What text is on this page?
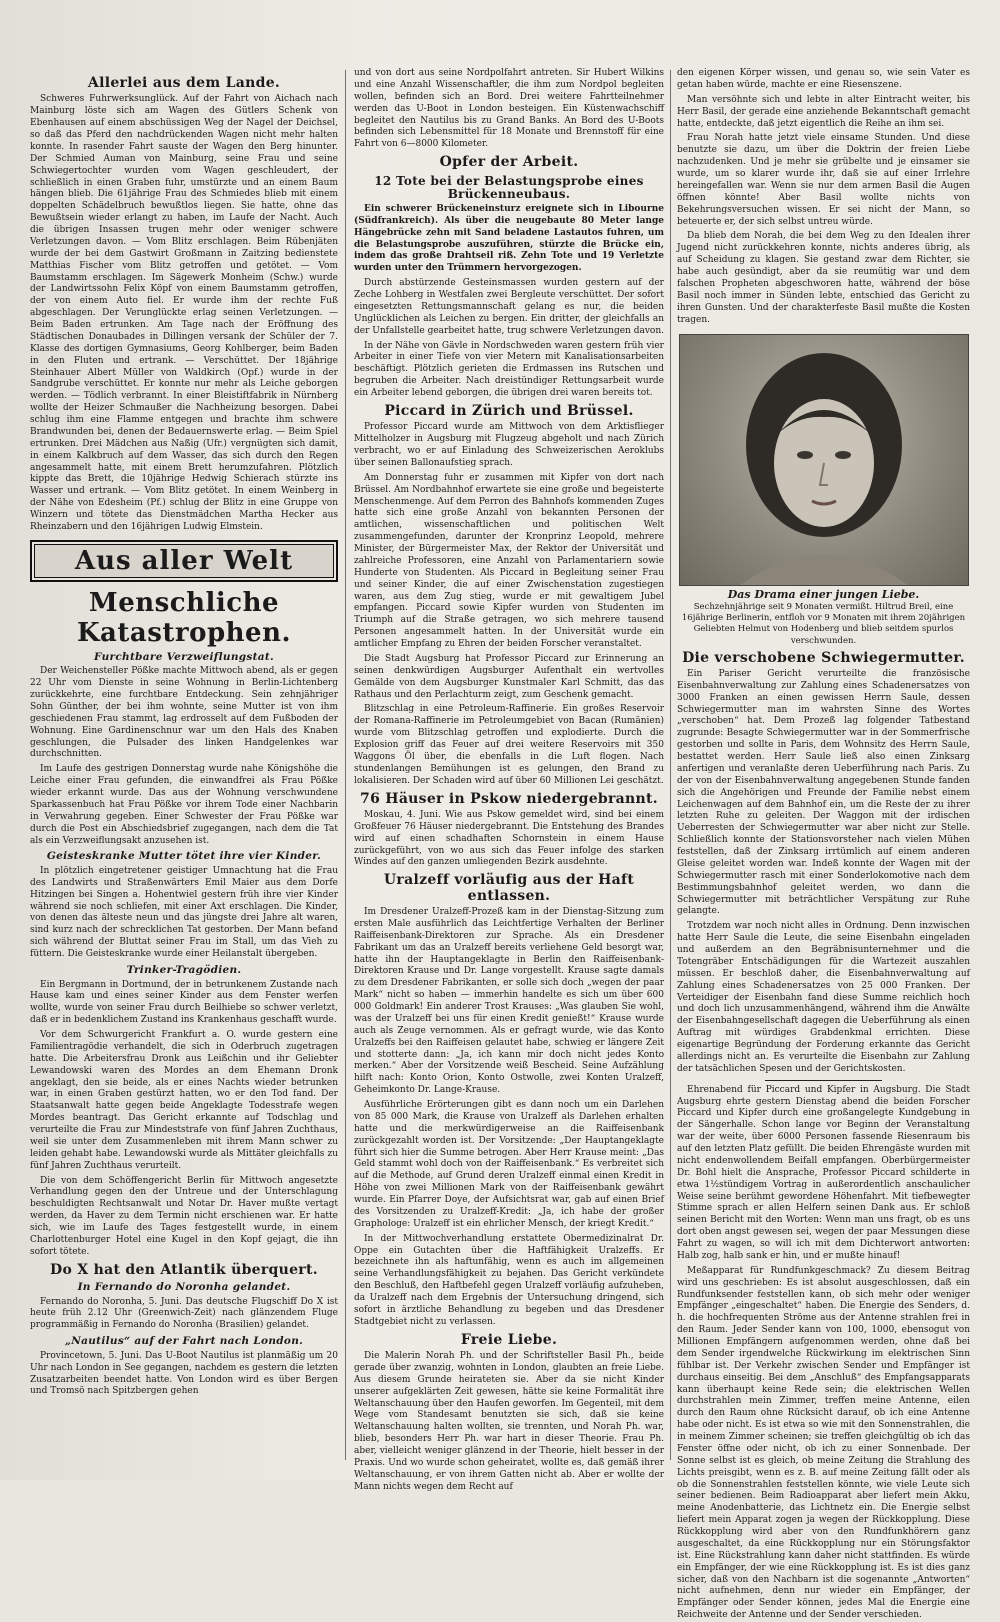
Allerlei aus dem Lande.

Schweres Fuhrwerksunglück. Auf der Fahrt von Aichach nach Mainburg löste sich am Wagen des Gütlers Schenk von Ebenhausen auf einem abschüssigen Weg der Nagel der Deichsel, so daß das Pferd den nachdrückenden Wagen nicht mehr halten konnte. In rasender Fahrt sauste der Wagen den Berg hinunter. Der Schmied Auman von Mainburg, seine Frau und seine Schwiegertochter wurden vom Wagen geschleudert, der schließlich in einen Graben fuhr, umstürzte und an einem Baum hängen blieb. Die 61jährige Frau des Schmiedes blieb mit einem doppelten Schädelbruch bewußtlos liegen. Sie hatte, ohne das Bewußtsein wieder erlangt zu haben, im Laufe der Nacht. Auch die übrigen Insassen trugen mehr oder weniger schwere Verletzungen davon. — Vom Blitz erschlagen. Beim Rübenjäten wurde der bei dem Gastwirt Großmann in Zaitzing bedienstete Matthias Fischer vom Blitz getroffen und getötet. — Vom Baumstamm erschlagen. Im Sägewerk Monheim (Schw.) wurde der Landwirtssohn Felix Köpf von einem Baumstamm getroffen, der von einem Auto fiel. Er wurde ihm der rechte Fuß abgeschlagen. Der Verunglückte erlag seinen Verletzungen. — Beim Baden ertrunken. Am Tage nach der Eröffnung des Städtischen Donaubades in Dillingen versank der Schüler der 7. Klasse des dortigen Gymnasiums, Georg Kohlberger, beim Baden in den Fluten und ertrank. — Verschüttet. Der 18jährige Steinhauer Albert Müller von Waldkirch (Opf.) wurde in der Sandgrube verschüttet. Er konnte nur mehr als Leiche geborgen werden. — Tödlich verbrannt. In einer Bleistiftfabrik in Nürnberg wollte der Heizer Schmaußer die Nachheizung besorgen. Dabei schlug ihm eine Flamme entgegen und brachte ihm schwere Brandwunden bei, denen der Bedauernswerte erlag. — Beim Spiel ertrunken. Drei Mädchen aus Naßig (Ufr.) vergnügten sich damit, in einem Kalkbruch auf dem Wasser, das sich durch den Regen angesammelt hatte, mit einem Brett herumzufahren. Plötzlich kippte das Brett, die 10jährige Hedwig Schierach stürzte ins Wasser und ertrank. — Vom Blitz getötet. In einem Weinberg in der Nähe von Edesheim (Pf.) schlug der Blitz in eine Gruppe von Winzern und tötete das Dienstmädchen Martha Hecker aus Rheinzabern und den 16jährigen Ludwig Elmstein.

Aus aller Welt
Menschliche Katastrophen.
Furchtbare Verzweiflungstat.

Der Weichensteller Pößke machte Mittwoch abend, als er gegen 22 Uhr vom Dienste in seine Wohnung in Berlin-Lichtenberg zurückkehrte, eine furchtbare Entdeckung. Sein zehnjähriger Sohn Günther, der bei ihm wohnte, seine Mutter ist von ihm geschiedenen Frau stammt, lag erdrosselt auf dem Fußboden der Wohnung. Eine Gardinenschnur war um den Hals des Knaben geschlungen, die Pulsader des linken Handgelenkes war durchschnitten.

Im Laufe des gestrigen Donnerstag wurde nahe Königshöhe die Leiche einer Frau gefunden, die einwandfrei als Frau Pößke wieder erkannt wurde. Das aus der Wohnung verschwundene Sparkassenbuch hat Frau Pößke vor ihrem Tode einer Nachbarin in Verwahrung gegeben. Einer Schwester der Frau Pößke war durch die Post ein Abschiedsbrief zugegangen, nach dem die Tat als ein Verzweiflungsakt anzusehen ist.

Geisteskranke Mutter tötet ihre vier Kinder.

In plötzlich eingetretener geistiger Umnachtung hat die Frau des Landwirts und Straßenwärters Emil Maier aus dem Dorfe Hitzingen bei Singen a. Hohentwiel gestern früh ihre vier Kinder während sie noch schliefen, mit einer Axt erschlagen. Die Kinder, von denen das älteste neun und das jüngste drei Jahre alt waren, sind kurz nach der schrecklichen Tat gestorben. Der Mann befand sich während der Bluttat seiner Frau im Stall, um das Vieh zu füttern. Die Geisteskranke wurde einer Heilanstalt übergeben.

Trinker-Tragödien.

Ein Bergmann in Dortmund, der in betrunkenem Zustande nach Hause kam und eines seiner Kinder aus dem Fenster werfen wollte, wurde von seiner Frau durch Beilhiebe so schwer verletzt, daß er in bedenklichem Zustand ins Krankenhaus geschafft wurde.

Vor dem Schwurgericht Frankfurt a. O. wurde gestern eine Familientragödie verhandelt, die sich in Oderbruch zugetragen hatte. Die Arbeitersfrau Dronk aus Leißchin und ihr Geliebter Lewandowski waren des Mordes an dem Ehemann Dronk angeklagt, den sie beide, als er eines Nachts wieder betrunken war, in einen Graben gestürzt hatten, wo er den Tod fand. Der Staatsanwalt hatte gegen beide Angeklagte Todesstrafe wegen Mordes beantragt. Das Gericht erkannte auf Todschlag und verurteilte die Frau zur Mindeststrafe von fünf Jahren Zuchthaus, weil sie unter dem Zusammenleben mit ihrem Mann schwer zu leiden gehabt habe. Lewandowski wurde als Mittäter gleichfalls zu fünf Jahren Zuchthaus verurteilt.

Die von dem Schöffengericht Berlin für Mittwoch angesetzte Verhandlung gegen den der Untreue und der Unterschlagung beschuldigten Rechtsanwalt und Notar Dr. Haver mußte vertagt werden, da Haver zu dem Termin nicht erschienen war. Er hatte sich, wie im Laufe des Tages festgestellt wurde, in einem Charlottenburger Hotel eine Kugel in den Kopf gejagt, die ihn sofort tötete.

Do X hat den Atlantik überquert.
In Fernando do Noronha gelandet.

Fernando do Noronha, 5. Juni. Das deutsche Flugschiff Do X ist heute früh 2.12 Uhr (Greenwich-Zeit) nach glänzendem Fluge programmäßig in Fernando do Noronha (Brasilien) gelandet.

„Nautilus“ auf der Fahrt nach London.

Provincetown, 5. Juni. Das U-Boot Nautilus ist planmäßig um 20 Uhr nach London in See gegangen, nachdem es gestern die letzten Zusatzarbeiten beendet hatte. Von London wird es über Bergen und Tromsö nach Spitzbergen gehen

und von dort aus seine Nordpolfahrt antreten. Sir Hubert Wilkins und eine Anzahl Wissenschaftler, die ihm zum Nordpol begleiten wollen, befinden sich an Bord. Drei weitere Fahrtteilnehmer werden das U-Boot in London besteigen. Ein Küstenwachschiff begleitet den Nautilus bis zu Grand Banks. An Bord des U-Boots befinden sich Lebensmittel für 18 Monate und Brennstoff für eine Fahrt von 6—8000 Kilometer.

Opfer der Arbeit.
12 Tote bei der Belastungsprobe eines Brückenneubaus.

Ein schwerer Brückeneinsturz ereignete sich in Libourne (Südfrankreich). Als über die neugebaute 80 Meter lange Hängebrücke zehn mit Sand beladene Lastautos fuhren, um die Belastungsprobe auszuführen, stürzte die Brücke ein, indem das große Drahtseil riß. Zehn Tote und 19 Verletzte wurden unter den Trümmern hervorgezogen.

Durch abstürzende Gesteinsmassen wurden gestern auf der Zeche Lohberg in Westfalen zwei Bergleute verschüttet. Der sofort eingesetzten Rettungsmannschaft gelang es nur, die beiden Unglücklichen als Leichen zu bergen. Ein dritter, der gleichfalls an der Unfallstelle gearbeitet hatte, trug schwere Verletzungen davon.

In der Nähe von Gävle in Nordschweden waren gestern früh vier Arbeiter in einer Tiefe von vier Metern mit Kanalisationsarbeiten beschäftigt. Plötzlich gerieten die Erdmassen ins Rutschen und begruben die Arbeiter. Nach dreistündiger Rettungsarbeit wurde ein Arbeiter lebend geborgen, die übrigen drei waren bereits tot.

Piccard in Zürich und Brüssel.

Professor Piccard wurde am Mittwoch von dem Arktisflieger Mittelholzer in Augsburg mit Flugzeug abgeholt und nach Zürich verbracht, wo er auf Einladung des Schweizerischen Aeroklubs über seinen Ballonaufstieg sprach.

Am Donnerstag fuhr er zusammen mit Kipfer von dort nach Brüssel. Am Nordbahnhof erwartete sie eine große und begeisterte Menschenmenge. Auf dem Perron des Bahnhofs kommenden Zuges hatte sich eine große Anzahl von bekannten Personen der amtlichen, wissenschaftlichen und politischen Welt zusammengefunden, darunter der Kronprinz Leopold, mehrere Minister, der Bürgermeister Max, der Rektor der Universität und zahlreiche Professoren, eine Anzahl von Parlamentariern sowie Hunderte von Studenten. Als Piccard in Begleitung seiner Frau und seiner Kinder, die auf einer Zwischenstation zugestiegen waren, aus dem Zug stieg, wurde er mit gewaltigem Jubel empfangen. Piccard sowie Kipfer wurden von Studenten im Triumph auf die Straße getragen, wo sich mehrere tausend Personen angesammelt hatten. In der Universität wurde ein amtlicher Empfang zu Ehren der beiden Forscher veranstaltet.

Die Stadt Augsburg hat Professor Piccard zur Erinnerung an seinen denkwürdigen Augsburger Aufenthalt ein wertvolles Gemälde von dem Augsburger Kunstmaler Karl Schmitt, das das Rathaus und den Perlachturm zeigt, zum Geschenk gemacht.

Blitzschlag in eine Petroleum-Raffinerie. Ein großes Reservoir der Romana-Raffinerie im Petroleumgebiet von Bacan (Rumänien) wurde vom Blitzschlag getroffen und explodierte. Durch die Explosion griff das Feuer auf drei weitere Reservoirs mit 350 Waggons Öl über, die ebenfalls in die Luft flogen. Nach stundenlangen Bemühungen ist es gelungen, den Brand zu lokalisieren. Der Schaden wird auf über 60 Millionen Lei geschätzt.

76 Häuser in Pskow niedergebrannt.

Moskau, 4. Juni. Wie aus Pskow gemeldet wird, sind bei einem Großfeuer 76 Häuser niedergebrannt. Die Entstehung des Brandes wird auf einen schadhaften Schornstein in einem Hause zurückgeführt, von wo aus sich das Feuer infolge des starken Windes auf den ganzen umliegenden Bezirk ausdehnte.

Uralzeff vorläufig aus der Haft entlassen.

Im Dresdener Uralzeff-Prozeß kam in der Dienstag-Sitzung zum ersten Male ausführlich das Leichtfertige Verhalten der Berliner Raiffeisenbank-Direktoren zur Sprache. Als ein Dresdener Fabrikant um das an Uralzeff bereits verliehene Geld besorgt war, hatte ihn der Hauptangeklagte in Berlin den Raiffeisenbank-Direktoren Krause und Dr. Lange vorgestellt. Krause sagte damals zu dem Dresdener Fabrikanten, er solle sich doch „wegen der paar Mark“ nicht so haben — immerhin handelte es sich um über 600 000 Goldmark! Ein anderer Trost Krauses: „Was glauben Sie wohl, was der Uralzeff bei uns für einen Kredit genießt!“ Krause wurde auch als Zeuge vernommen. Als er gefragt wurde, wie das Konto Uralzeffs bei den Raiffeisen gelautet habe, schwieg er längere Zeit und stotterte dann: „Ja, ich kann mir doch nicht jedes Konto merken.“ Aber der Vorsitzende weiß Bescheid. Seine Aufzählung hilft nach: Konto Orion, Konto Ostwolle, zwei Konten Uralzeff, Geheimkonto Dr. Lange-Krause.

Ausführliche Erörterungen gibt es dann noch um ein Darlehen von 85 000 Mark, die Krause von Uralzeff als Darlehen erhalten hatte und die merkwürdigerweise an die Raiffeisenbank zurückgezahlt worden ist. Der Vorsitzende: „Der Hauptangeklagte führt sich hier die Summe betrogen. Aber Herr Krause meint: „Das Geld stammt wohl doch von der Raiffeisenbank.“ Es verbreitet sich auf die Methode, auf Grund deren Uralzeff einmal einen Kredit in Höhe von zwei Millionen Mark von der Raiffeisenbank gewährt wurde. Ein Pfarrer Doye, der Aufsichtsrat war, gab auf einen Brief des Vorsitzenden zu Uralzeff-Kredit: „Ja, ich habe der großer Graphologe: Uralzeff ist ein ehrlicher Mensch, der kriegt Kredit.“

In der Mittwochverhandlung erstattete Obermedizinalrat Dr. Oppe ein Gutachten über die Haftfähigkeit Uralzeffs. Er bezeichnete ihn als haftunfähig, wenn es auch im allgemeinen seine Verhandlungsfähigkeit zu bejahen. Das Gericht verkündete den Beschluß, den Haftbefehl gegen Uralzeff vorläufig aufzuheben, da Uralzeff nach dem Ergebnis der Untersuchung dringend, sich sofort in ärztliche Behandlung zu begeben und das Dresdener Stadtgebiet nicht zu verlassen.

Freie Liebe.

Die Malerin Norah Ph. und der Schriftsteller Basil Ph., beide gerade über zwanzig, wohnten in London, glaubten an freie Liebe. Aus diesem Grunde heirateten sie. Aber da sie nicht Kinder unserer aufgeklärten Zeit gewesen, hätte sie keine Formalität ihre Weltanschauung über den Haufen geworfen. Im Gegenteil, mit dem Wege vom Standesamt benutzten sie sich, daß sie keine Weltanschauung halten wollten, sie trennten, und Norah Ph. war, blieb, besonders Herr Ph. war hart in dieser Theorie. Frau Ph. aber, vielleicht weniger glänzend in der Theorie, hielt besser in der Praxis. Und wo wurde schon geheiratet, wollte es, daß gemäß ihrer Weltanschauung, er von ihrem Gatten nicht ab. Aber er wollte der Mann nichts wegen dem Recht auf

den eigenen Körper wissen, und genau so, wie sein Vater es getan haben würde, machte er eine Riesenszene.

Man versöhnte sich und lebte in alter Eintracht weiter, bis Herr Basil, der gerade eine anziehende Bekanntschaft gemacht hatte, entdeckte, daß jetzt eigentlich die Reihe an ihm sei.

Frau Norah hatte jetzt viele einsame Stunden. Und diese benutzte sie dazu, um über die Doktrin der freien Liebe nachzudenken. Und je mehr sie grübelte und je einsamer sie wurde, um so klarer wurde ihr, daß sie auf einer Irrlehre hereingefallen war. Wenn sie nur dem armen Basil die Augen öffnen könnte! Aber Basil wollte nichts von Bekehrungsversuchen wissen. Er sei nicht der Mann, so beteuerte er, der sich selbst untreu würde.

Da blieb dem Norah, die bei dem Weg zu den Idealen ihrer Jugend nicht zurückkehren konnte, nichts anderes übrig, als auf Scheidung zu klagen. Sie gestand zwar dem Richter, sie habe auch gesündigt, aber da sie reumütig war und dem falschen Propheten abgeschworen hatte, während der böse Basil noch immer in Sünden lebte, entschied das Gericht zu ihren Gunsten. Und der charakterfeste Basil mußte die Kosten tragen.

Das Drama einer jungen Liebe.
Sechzehnjährige seit 9 Monaten vermißt. Hiltrud Breil, eine 16jährige Berlinerin, entfloh vor 9 Monaten mit ihrem 20jährigen Geliebten Helmut von Hodenberg und blieb seitdem spurlos verschwunden.
Die verschobene Schwiegermutter.

Ein Pariser Gericht verurteilte die französische Eisenbahnverwaltung zur Zahlung eines Schadenersatzes von 3000 Franken an einen gewissen Herrn Saule, dessen Schwiegermutter man im wahrsten Sinne des Wortes „verschoben“ hat. Dem Prozeß lag folgender Tatbestand zugrunde: Besagte Schwiegermutter war in der Sommerfrische gestorben und sollte in Paris, dem Wohnsitz des Herrn Saule, bestattet werden. Herr Saule ließ also einen Zinksarg anfertigen und veranlaßte deren Ueberführung nach Paris. Zu der von der Eisenbahnverwaltung angegebenen Stunde fanden sich die Angehörigen und Freunde der Familie nebst einem Leichenwagen auf dem Bahnhof ein, um die Reste der zu ihrer letzten Ruhe zu geleiten. Der Waggon mit der irdischen Ueberresten der Schwiegermutter war aber nicht zur Stelle. Schließlich konnte der Stationsvorsteher nach vielen Mühen feststellen, daß der Zinksarg irrtümlich auf einem anderen Gleise geleitet worden war. Indeß konnte der Wagen mit der Schwiegermutter rasch mit einer Sonderlokomotive nach dem Bestimmungsbahnhof geleitet werden, wo dann die Schwiegermutter mit beträchtlicher Verspätung zur Ruhe gelangte.

Trotzdem war noch nicht alles in Ordnung. Denn inzwischen hatte Herr Saule die Leute, die seine Eisenbahn eingeladen und außerdem an den Begräbnisunternehmer und die Totengräber Entschädigungen für die Wartezeit auszahlen müssen. Er beschloß daher, die Eisenbahnverwaltung auf Zahlung eines Schadenersatzes von 25 000 Franken. Der Verteidiger der Eisenbahn fand diese Summe reichlich hoch und doch lich unzusammenhängend, während ihm die Anwälte der Eisenbahngesellschaft dagegen die Ueberführung als einen Auftrag mit würdiges Grabdenkmal errichten. Diese eigenartige Begründung der Forderung erkannte das Gericht allerdings nicht an. Es verurteilte die Eisenbahn zur Zahlung der tatsächlichen Spesen und der Gerichtskosten.

Ehrenabend für Piccard und Kipfer in Augsburg. Die Stadt Augsburg ehrte gestern Dienstag abend die beiden Forscher Piccard und Kipfer durch eine großangelegte Kundgebung in der Sängerhalle. Schon lange vor Beginn der Veranstaltung war der weite, über 6000 Personen fassende Riesenraum bis auf den letzten Platz gefüllt. Die beiden Ehrengäste wurden mit nicht endenwollendem Beifall empfangen. Oberbürgermeister Dr. Bohl hielt die Ansprache, Professor Piccard schilderte in etwa 1½stündigem Vortrag in außerordentlich anschaulicher Weise seine berühmt gewordene Höhenfahrt. Mit tiefbewegter Stimme sprach er allen Helfern seinen Dank aus. Er schloß seinen Bericht mit den Worten: Wenn man uns fragt, ob es uns dort oben angst gewesen sei, wegen der paar Messungen diese Fahrt zu wagen, so will ich mit dem Dichterwort antworten: Halb zog, halb sank er hin, und er mußte hinauf!

Meßapparat für Rundfunkgeschmack? Zu diesem Beitrag wird uns geschrieben: Es ist absolut ausgeschlossen, daß ein Rundfunksender feststellen kann, ob sich mehr oder weniger Empfänger „eingeschaltet“ haben. Die Energie des Senders, d. h. die hochfrequenten Ströme aus der Antenne strahlen frei in den Raum. Jeder Sender kann von 100, 1000, ebensogut von Millionen Empfängern aufgenommen werden, ohne daß bei dem Sender irgendwelche Rückwirkung im elektrischen Sinn fühlbar ist. Der Verkehr zwischen Sender und Empfänger ist durchaus einseitig. Bei dem „Anschluß“ des Empfangsapparats kann überhaupt keine Rede sein; die elektrischen Wellen durchstrahlen mein Zimmer, treffen meine Antenne, eilen durch den Raum ohne Rücksicht darauf, ob ich eine Antenne habe oder nicht. Es ist etwa so wie mit den Sonnenstrahlen, die in meinem Zimmer scheinen; sie treffen gleichgültig ob ich das Fenster öffne oder nicht, ob ich zu einer Sonnenbade. Der Sonne selbst ist es gleich, ob meine Zeitung die Strahlung des Lichts preisgibt, wenn es z. B. auf meine Zeitung fällt oder als ob die Sonnenstrahlen feststellen könnte, wie viele Leute sich seiner bedienen. Beim Radioapparat aber liefert mein Akku, meine Anodenbatterie, das Lichtnetz ein. Die Energie selbst liefert mein Apparat zogen ja wegen der Rückkopplung. Diese Rückkopplung wird aber von den Rundfunkhörern ganz ausgeschaltet, da eine Rückkopplung nur ein Störungsfaktor ist. Eine Rückstrahlung kann daher nicht stattfinden. Es würde ein Empfänger, der wie eine Rückkopplung ist. Es ist dies ganz sicher, daß von den Nachbarn ist die sogenannte „Antworten“ nicht aufnehmen, denn nur wieder ein Empfänger, der Empfänger oder Sender können, jedes Mal die Energie eine Reichweite der Antenne und der Sender verschieden.
